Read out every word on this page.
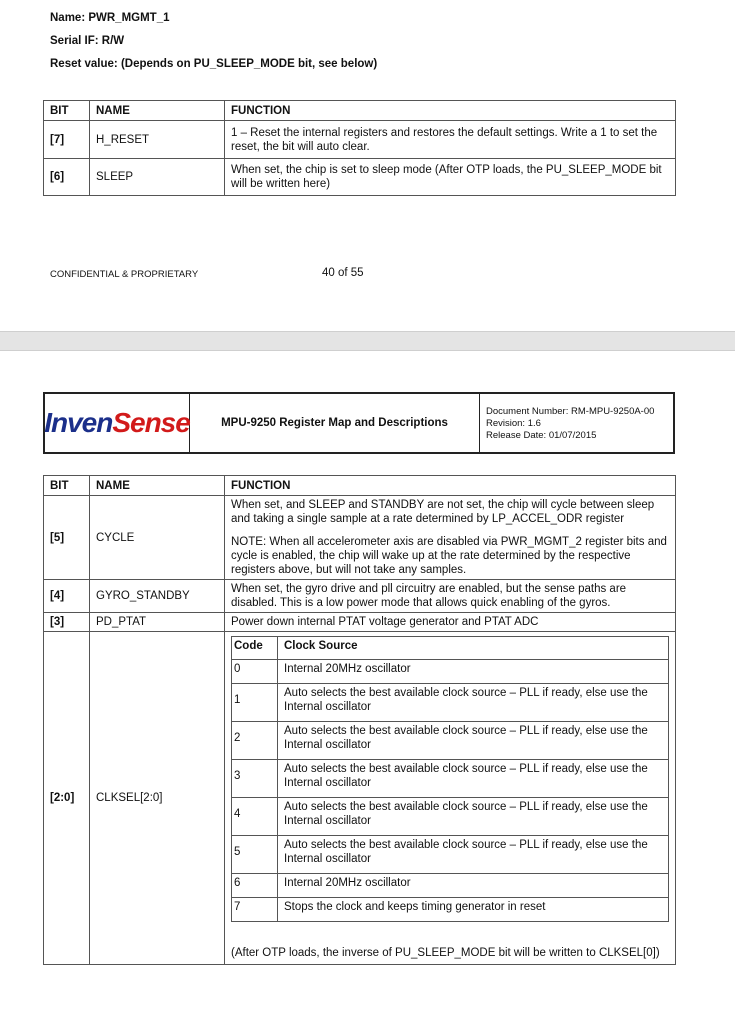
Name: PWR_MGMT_1
Serial IF: R/W
Reset value: (Depends on PU_SLEEP_MODE bit, see below)
BIT	NAME	FUNCTION
[7]	H_RESET	1 – Reset the internal registers and restores the default settings. Write a 1 to set the reset, the bit will auto clear.
[6]	SLEEP	When set, the chip is set to sleep mode (After OTP loads, the PU_SLEEP_MODE bit will be written here)
CONFIDENTIAL & PROPRIETARY	40 of 55
Inven Sense	MPU-9250 Register Map and Descriptions
Document Number: RM-MPU-9250A-00
Revision: 1.6
Release Date: 01/07/2015
BIT	NAME	FUNCTION
[5]	CYCLE	
When set, and SLEEP and STANDBY are not set, the chip will cycle between sleep and taking a single sample at a rate determined by LP_ACCEL_ODR register
NOTE: When all accelerometer axis are disabled via PWR_MGMT_2 register bits and cycle is enabled, the chip will wake up at the rate determined by the respective registers above, but will not take any samples.

[4]	GYRO_STANDBY	When set, the gyro drive and pll circuitry are enabled, but the sense paths are disabled. This is a low power mode that allows quick enabling of the gyros.
[3]	PD_PTAT	Power down internal PTAT voltage generator and PTAT ADC
[2:0]	CLKSEL[2:0]	
Code	Clock Source
0	Internal 20MHz oscillator
1	Auto selects the best available clock source – PLL if ready, else use the Internal oscillator
2	Auto selects the best available clock source – PLL if ready, else use the Internal oscillator
3	Auto selects the best available clock source – PLL if ready, else use the Internal oscillator
4	Auto selects the best available clock source – PLL if ready, else use the Internal oscillator
5	Auto selects the best available clock source – PLL if ready, else use the Internal oscillator
6	Internal 20MHz oscillator
7	Stops the clock and keeps timing generator in reset
(After OTP loads, the inverse of PU_SLEEP_MODE bit will be written to CLKSEL[0])
